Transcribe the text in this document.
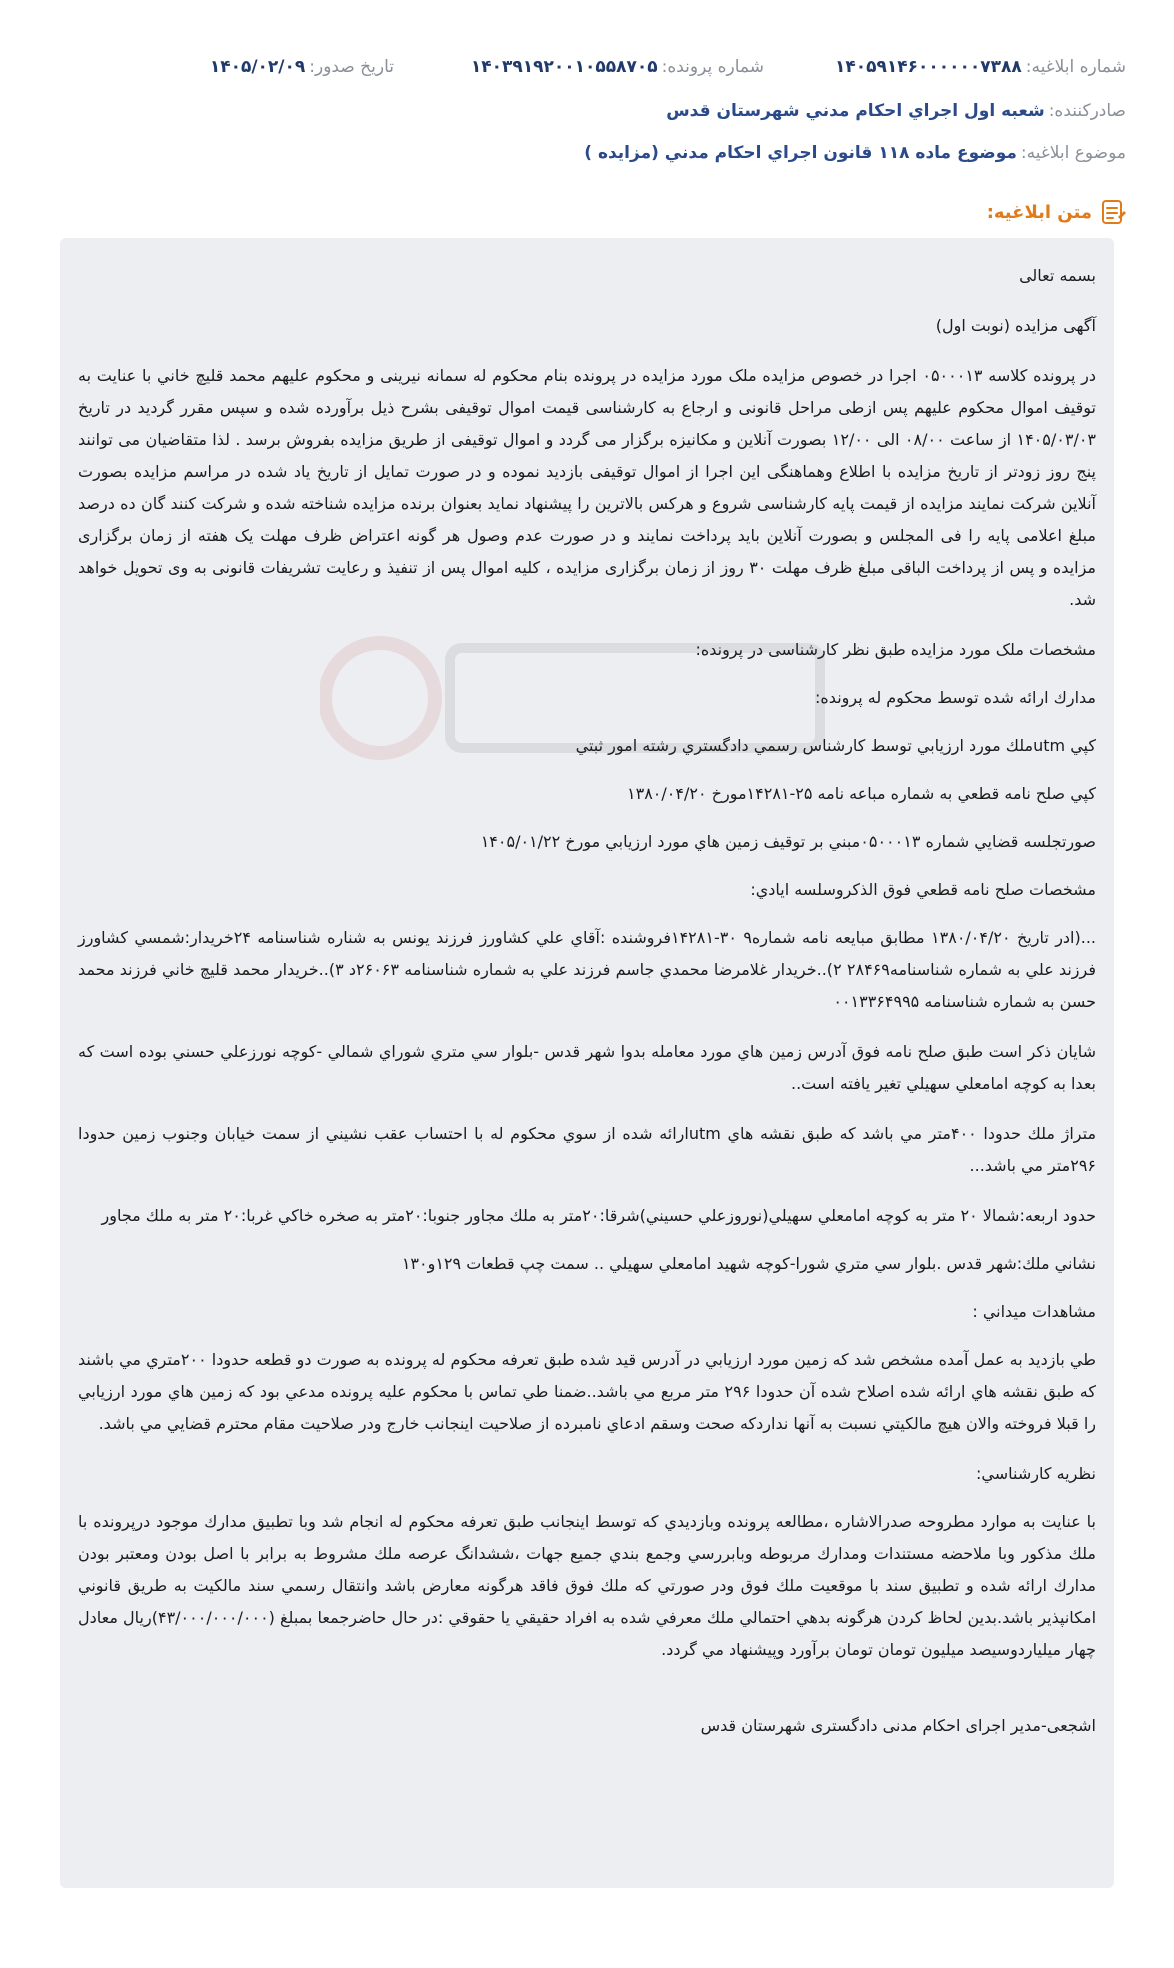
شماره ابلاغیه:
۱۴۰۵۹۱۴۶۰۰۰۰۰۰۷۳۸۸
شماره پرونده:
۱۴۰۳۹۱۹۲۰۰۱۰۵۵۸۷۰۵
تاریخ صدور:
۱۴۰۵/۰۲/۰۹
صادرکننده:
شعبه اول اجراي احكام مدني شهرستان قدس
موضوع ابلاغیه:
موضوع ماده ۱۱۸ قانون اجراي احكام مدني (مزايده )
متن ابلاغیه:

بسمه تعالی

آگهی مزایده (نوبت اول)

در پرونده کلاسه ۰۵۰۰۰۱۳ اجرا در خصوص مزایده ملک مورد مزایده در پرونده بنام محکوم له سمانه نیرینی و محکوم علیهم محمد قلیچ خاني با عنایت به توقیف اموال محکوم علیهم پس ازطی مراحل قانونی و ارجاع به کارشناسی قیمت اموال توقیفی بشرح ذیل برآورده شده و سپس مقرر گردید در تاریخ ۱۴۰۵/۰۳/۰۳ از ساعت ۰۸/۰۰ الی ۱۲/۰۰ بصورت آنلاین و مکانیزه برگزار می گردد و اموال توقیفی از طریق مزایده بفروش برسد . لذا متقاضیان می توانند پنج روز زودتر از تاریخ مزایده با اطلاع وهماهنگی این اجرا از اموال توقیفی بازدید نموده و در صورت تمایل از تاریخ یاد شده در مراسم مزایده بصورت آنلاین شرکت نمایند مزایده از قیمت پایه کارشناسی شروع و هرکس بالاترین را پیشنهاد نماید بعنوان برنده مزایده شناخته شده و شرکت کنند گان ده درصد مبلغ اعلامی پایه را فی المجلس و بصورت آنلاین باید پرداخت نمایند و در صورت عدم وصول هر گونه اعتراض ظرف مهلت یک هفته از زمان برگزاری مزایده و پس از پرداخت الباقی مبلغ ظرف مهلت ۳۰ روز از زمان برگزاری مزایده ، کلیه اموال پس از تنفیذ و رعایت تشریفات قانونی به وی تحویل خواهد شد.

مشخصات ملک مورد مزایده طبق نظر کارشناسی در پرونده:

مدارك ارائه شده توسط محكوم له پرونده:

كپي utmملك مورد ارزيابي توسط كارشناس رسمي دادگستري رشته امور ثبتي

كپي صلح نامه قطعي به شماره مباعه نامه ۲۵-۱۴۲۸۱مورخ ۱۳۸۰/۰۴/۲۰

صورتجلسه قضايي شماره ۰۵۰۰۰۱۳مبني بر توقيف زمين هاي مورد ارزيابي مورخ ۱۴۰۵/۰۱/۲۲

مشخصات صلح نامه قطعي فوق الذكروسلسه ايادي:

...(ادر تاريخ ۱۳۸۰/۰۴/۲۰ مطابق مبايعه نامه شماره۹ ۳۰-۱۴۲۸۱فروشنده :آقاي علي كشاورز فرزند يونس به شناره شناسنامه ۲۴خريدار:شمسي كشاورز فرزند علي به شماره شناسنامه۲۸۴۶۹ ۲)..خريدار غلامرضا محمدي جاسم فرزند علي به شماره شناسنامه ۲۶۰۶۳د ۳)..خريدار محمد قليچ خاني فرزند محمد حسن به شماره شناسنامه ۰۰۱۳۳۶۴۹۹۵

شايان ذكر است طبق صلح نامه فوق آدرس زمين هاي مورد معامله بدوا شهر قدس -بلوار سي متري شوراي شمالي -كوچه نورزعلي حسني بوده است كه بعدا به كوچه امامعلي سهيلي تغير يافته است..

متراژ ملك حدودا ۴۰۰متر مي باشد كه طبق نقشه هاي utmارائه شده از سوي محكوم له با احتساب عقب نشيني از سمت خيابان وجنوب زمين حدودا ۲۹۶متر مي باشد...

حدود اربعه:شمالا ۲۰ متر به كوچه امامعلي سهيلي(نوروزعلي حسيني)شرقا:۲۰متر به ملك مجاور جنوبا:۲۰متر به صخره خاكي غربا:۲۰ متر به ملك مجاور

نشاني ملك:شهر قدس .بلوار سي متري شورا-كوچه شهيد امامعلي سهيلي .. سمت چپ قطعات ۱۲۹و۱۳۰

مشاهدات ميداني :

طي بازديد به عمل آمده مشخص شد كه زمين مورد ارزيابي در آدرس قيد شده طبق تعرفه محكوم له پرونده به صورت دو قطعه حدودا ۲۰۰متري مي باشند كه طبق نقشه هاي ارائه شده اصلاح شده آن حدودا ۲۹۶ متر مربع مي باشد..ضمنا طي تماس با محكوم عليه پرونده مدعي بود كه زمين هاي مورد ارزيابي را قبلا فروخته والان هيچ مالكيتي نسبت به آنها ندارد‌كه صحت وسقم ادعاي نامبرده از صلاحيت اينجانب خارج ودر صلاحيت مقام محترم قضايي مي باشد.

نظريه كارشناسي:

با عنايت به موارد مطروحه صدرالاشاره ،مطالعه پرونده وبازديدي كه توسط اينجانب طبق تعرفه محكوم له انجام شد وبا تطبيق مدارك موجود درپرونده با ملك مذكور وبا ملاحضه مستندات ومدارك مربوطه وبابررسي وجمع بندي جميع جهات ،ششدانگ عرصه ملك مشروط به برابر با اصل بودن ومعتبر بودن مدارك ارائه شده و تطبيق سند با موقعيت ملك فوق ودر صورتي كه ملك فوق فاقد هرگونه معارض باشد وانتقال رسمي سند مالكيت به طريق قانوني امكانپذير باشد.بدين لحاظ كردن هرگونه بدهي احتمالي ملك معرفي شده به افراد حقيقي يا حقوقي :در حال حاضرجمعا بمبلغ (۴۳/۰۰۰/۰۰۰/۰۰۰)ريال معادل چهار ميلياردوسيصد ميليون تومان تومان برآورد وپيشنهاد مي گردد.

اشجعی-مدیر اجرای احکام مدنی دادگستری شهرستان قدس
